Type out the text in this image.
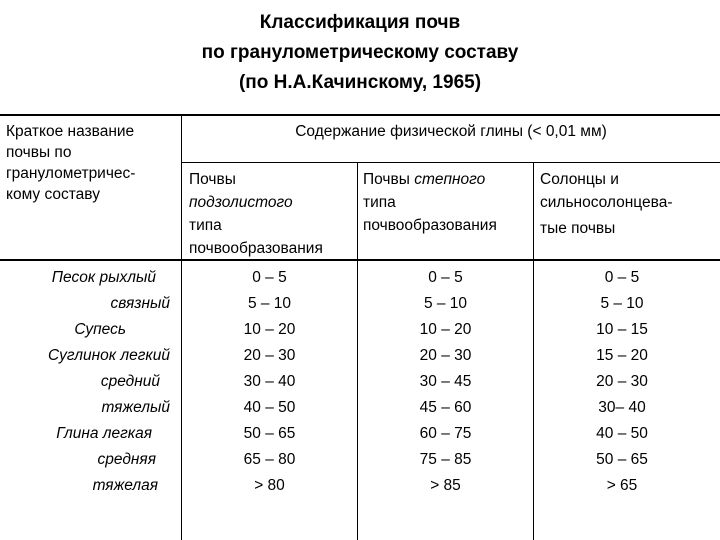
Классификация почв
по гранулометрическому составу
(по Н.А.Качинскому, 1965)
Краткое название
почвы по
гранулометричес-
кому составу
Содержание физической глины (< 0,01 мм)
Почвы
подзолистого
типа
почвообразования
Почвы степного
типа
почвообразования
Солонцы и
сильносолонцева-
тые почвы
Песок рыхлый
связный
Супесь
Суглинок легкий
средний
тяжелый
Глина легкая
средняя
тяжелая
0 – 5
5 – 10
10 – 20
20 – 30
30 – 40
40 – 50
50 – 65
65 – 80
> 80
0 – 5
5 – 10
10 – 20
20 – 30
30 – 45
45 – 60
60 – 75
75 – 85
> 85
0 – 5
5 – 10
10 – 15
15 – 20
20 – 30
30– 40
40 – 50
50 – 65
> 65
